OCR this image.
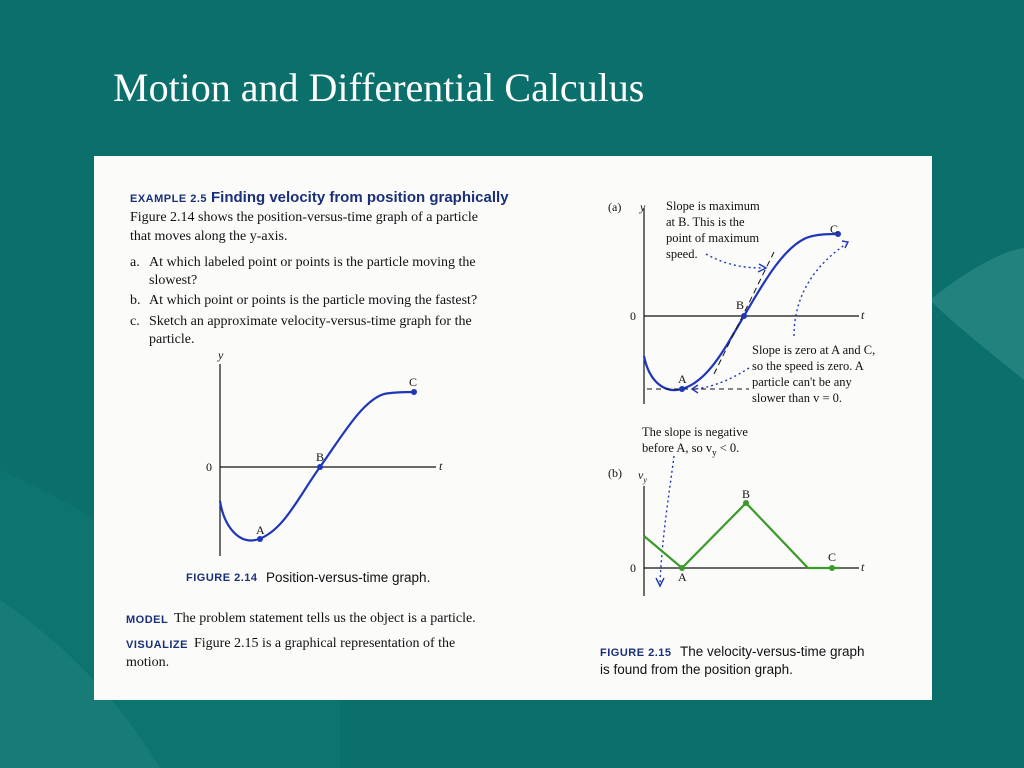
Motion and Differential Calculus
EXAMPLE 2.5 Finding velocity from position graphically
Figure 2.14 shows the position-versus-time graph of a particle
that moves along the y-axis.
a. At which labeled point or points is the particle moving the
slowest?
b. At which point or points is the particle moving the fastest?
c. Sketch an approximate velocity-versus-time graph for the
particle.
y
t
0
A
B
C
FIGURE 2.14 Position-versus-time graph.
MODEL The problem statement tells us the object is a particle.
VISUALIZE Figure 2.15 is a graphical representation of the
motion.
(a) y
0	t
A
B
C
Slope is maximum
at B. This is the
point of maximum
speed.
Slope is zero at A and C,
so the speed is zero. A
particle can't be any
slower than v = 0.
The slope is negative
before A, so $v_y < 0$.
(b) $v_y$
0	t
A
B
C
FIGURE 2.15 The velocity-versus-time graph
is found from the position graph.
